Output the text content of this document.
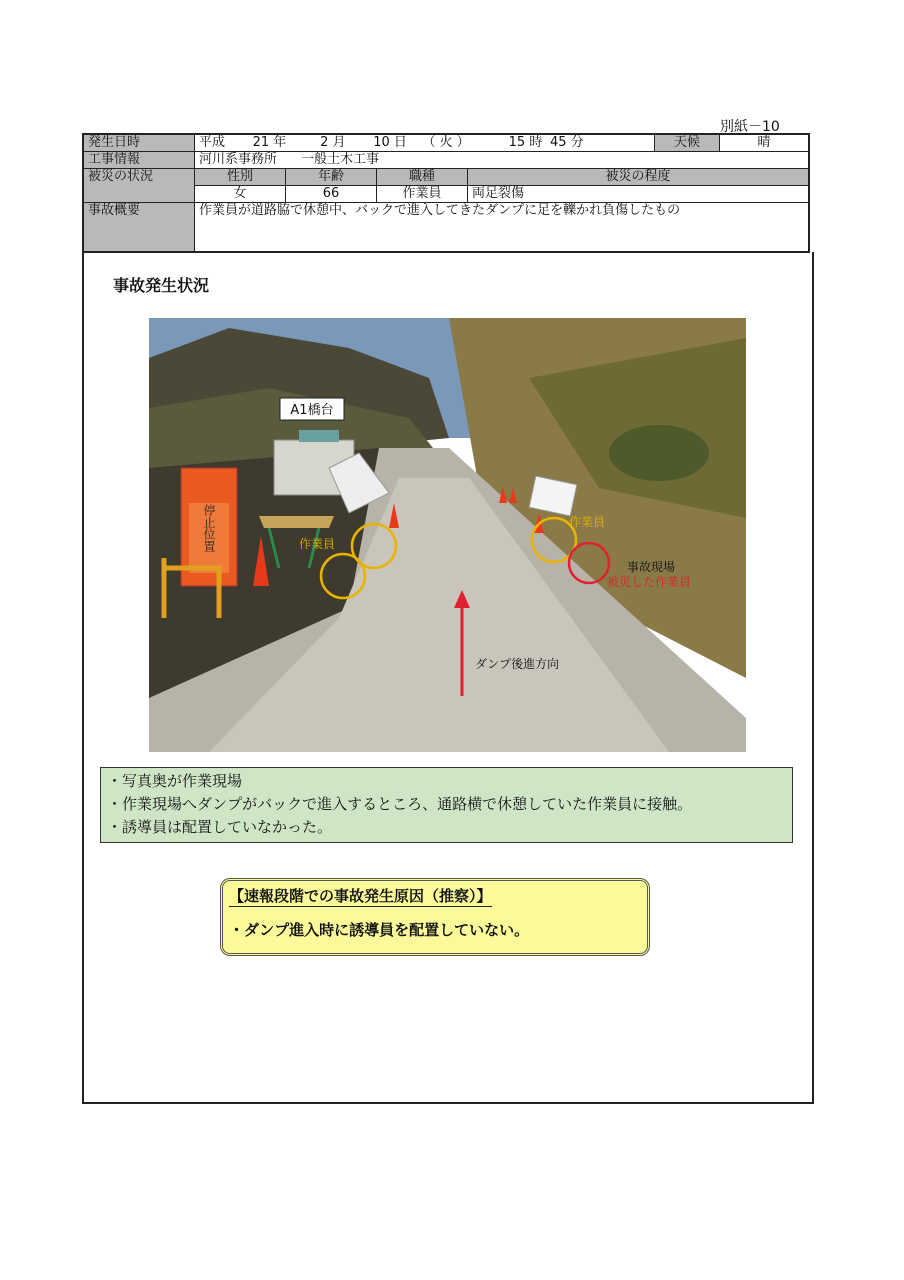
別紙－10
発生日時	平成 21 年 2 月 10 日 （ 火 ） 15 時 45 分				天候	晴
工事情報	河川系事務所 一般土木工事					
被災の状況	性別	年齢	職種	被災の程度		
	女	66	作業員	両足裂傷		
事故概要	作業員が道路脇で休憩中、バックで進入してきたダンプに足を轢かれ負傷したもの					
事故発生状況
停止位置
A1橋台
作業員
作業員
事故現場
被災した作業員
ダンプ後進方向
・写真奥が作業現場
・作業現場へダンプがバックで進入するところ、通路横で休憩していた作業員に接触。
・誘導員は配置していなかった。
【速報段階での事故発生原因（推察）】
・ダンプ進入時に誘導員を配置していない。
